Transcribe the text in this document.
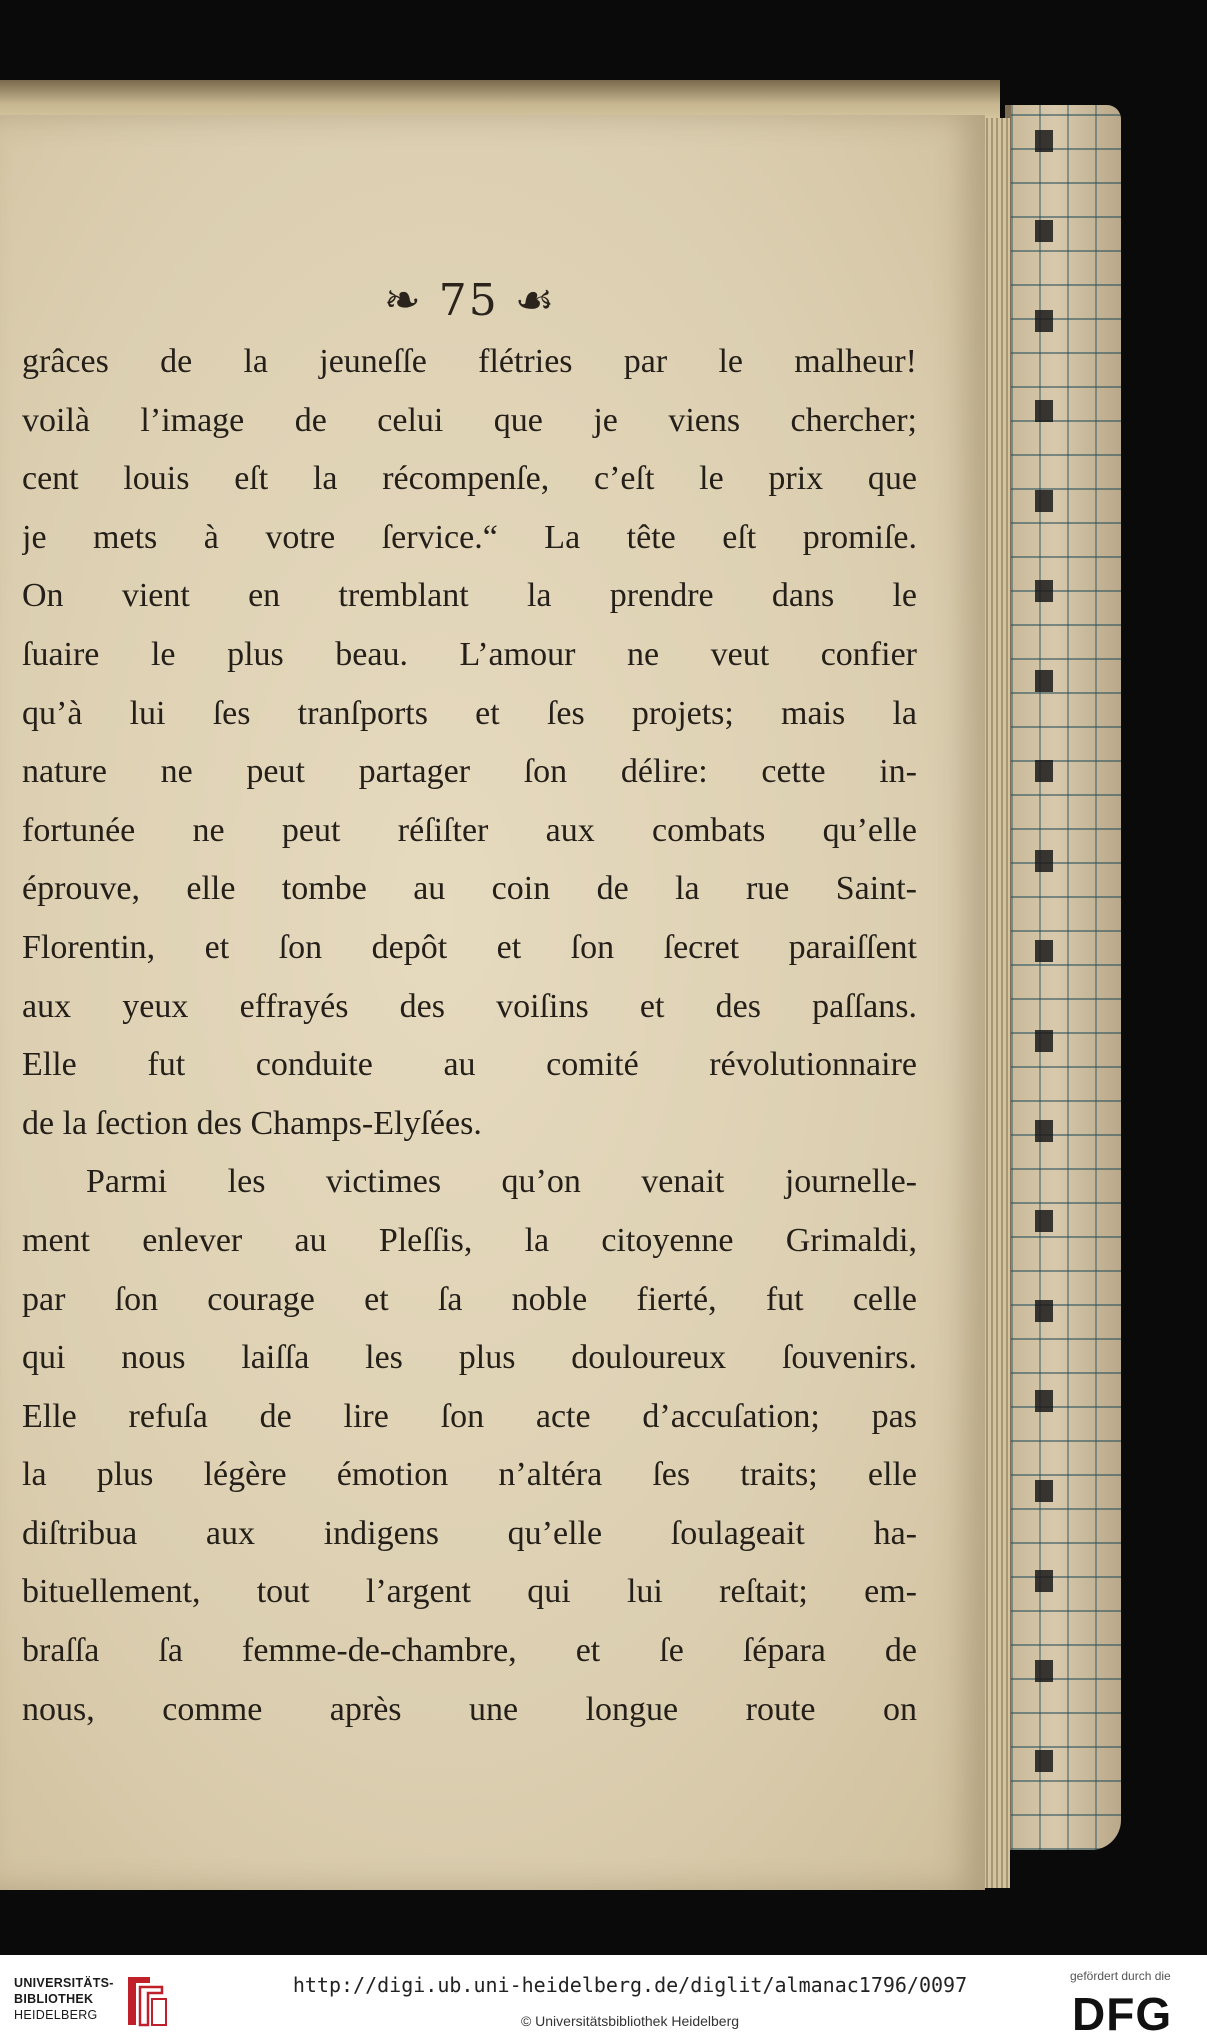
❧ 75 ☙
grâces de la jeuneſſe flétries par le malheur!
voilà l’image de celui que je viens chercher;
cent louis eſt la récompenſe, c’eſt le prix que
je mets à votre ſervice.“ La tête eſt promiſe.
On vient en tremblant la prendre dans le
ſuaire le plus beau. L’amour ne veut confier
qu’à lui ſes tranſports et ſes projets; mais la
nature ne peut partager ſon délire: cette in-
fortunée ne peut réſiſter aux combats qu’elle
éprouve, elle tombe au coin de la rue Saint-
Florentin, et ſon depôt et ſon ſecret paraiſſent
aux yeux effrayés des voiſins et des paſſans.
Elle fut conduite au comité révolutionnaire
de la ſection des Champs-Elyſées.
Parmi les victimes qu’on venait journelle-
ment enlever au Pleſſis, la citoyenne Grimaldi,
par ſon courage et ſa noble fierté, fut celle
qui nous laiſſa les plus douloureux ſouvenirs.
Elle refuſa de lire ſon acte d’accuſation; pas
la plus légère émotion n’altéra ſes traits; elle
diſtribua aux indigens qu’elle ſoulageait ha-
bituellement, tout l’argent qui lui reſtait; em-
braſſa ſa femme-de-chambre, et ſe ſépara de
nous, comme après une longue route on
UNIVERSITÄTS-
BIBLIOTHEK
HEIDELBERG
http://digi.ub.uni-heidelberg.de/diglit/almanac1796/0097
© Universitätsbibliothek Heidelberg
gefördert durch die
DFG
